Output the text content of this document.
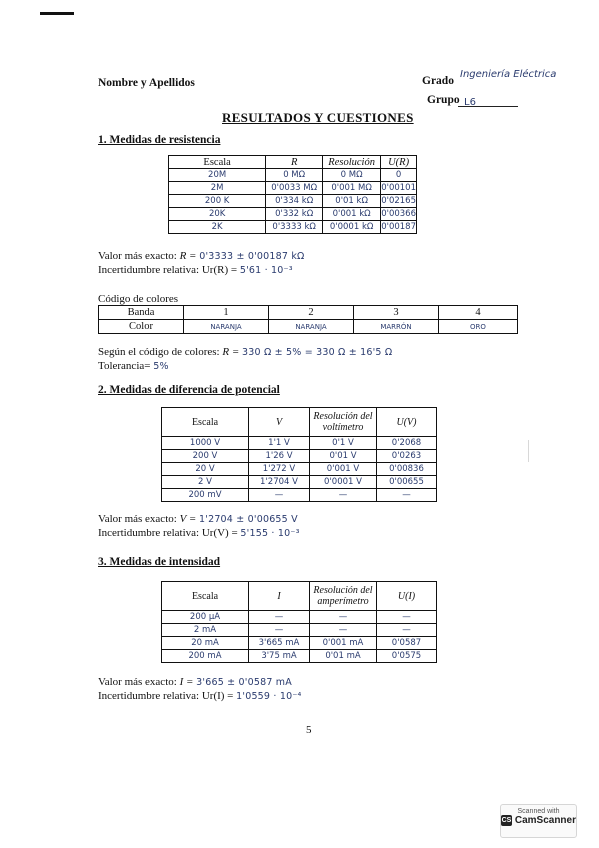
Nombre y Apellidos	Grado
Ingeniería Eléctrica
Grupo L6
RESULTADOS Y CUESTIONES
1. Medidas de resistencia
Escala	R	Resolución	U(R)
20M	0 MΩ	0 MΩ	0
2M	0'0033 MΩ	0'001 MΩ	0'00101
200 K	0'334 kΩ	0'01 kΩ	0'02165
20K	0'332 kΩ	0'001 kΩ	0'00366
2K	0'3333 kΩ	0'0001 kΩ	0'00187
Valor más exacto: R = 0'3333 ± 0'00187 kΩ
Incertidumbre relativa: Ur(R) = 5'61 · 10⁻³
Código de colores
Banda	1	2	3	4
Color	NARANJA	NARANJA	MARRÓN	ORO
Según el código de colores: R = 330 Ω ± 5% = 330 Ω ± 16'5 Ω
Tolerancia= 5%
2. Medidas de diferencia de potencial
Escala	V	Resolución del voltímetro	U(V)
1000 V	1'1 V	0'1 V	0'2068
200 V	1'26 V	0'01 V	0'0263
20 V	1'272 V	0'001 V	0'00836
2 V	1'2704 V	0'0001 V	0'00655
200 mV	—	—	—
Valor más exacto: V = 1'2704 ± 0'00655 V
Incertidumbre relativa: Ur(V) = 5'155 · 10⁻³
3. Medidas de intensidad
Escala	I	Resolución del amperímetro	U(I)
200 μA	—	—	—
2 mA	—	—	—
20 mA	3'665 mA	0'001 mA	0'0587
200 mA	3'75 mA	0'01 mA	0'0575
Valor más exacto: I = 3'665 ± 0'0587 mA
Incertidumbre relativa: Ur(I) = 1'0559 · 10⁻⁴
5
Scanned with
CS CamScanner
